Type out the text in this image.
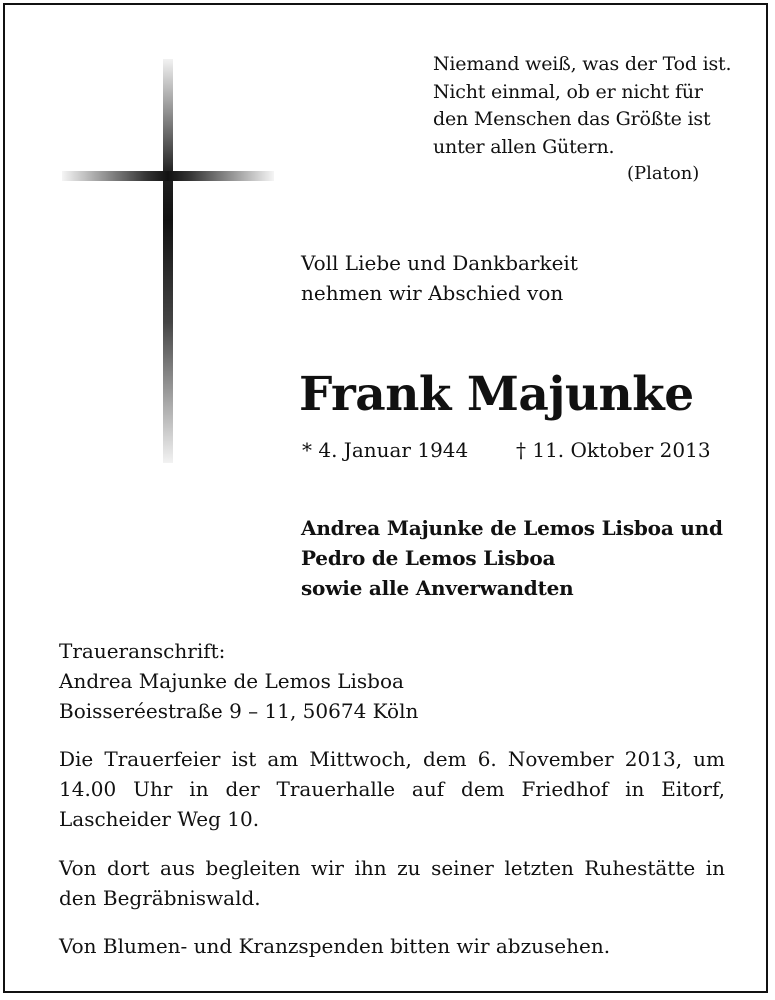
Niemand weiß, was der Tod ist.
Nicht einmal, ob er nicht für
den Menschen das Größte ist
unter allen Gütern.
(Platon)
Voll Liebe und Dankbarkeit
nehmen wir Abschied von
Frank Majunke
* 4. Januar 1944 † 11. Oktober 2013
Andrea Majunke de Lemos Lisboa und
Pedro de Lemos Lisboa
sowie alle Anverwandten
Traueranschrift:
Andrea Majunke de Lemos Lisboa
Boisseréestraße 9 – 11, 50674 Köln
Die Trauerfeier ist am Mittwoch, dem 6. November 2013, um 14.00 Uhr in der Trauerhalle auf dem Friedhof in Eitorf, Lascheider Weg 10.
Von dort aus begleiten wir ihn zu seiner letzten Ruhestätte in den Begräbniswald.
Von Blumen- und Kranzspenden bitten wir abzusehen.
